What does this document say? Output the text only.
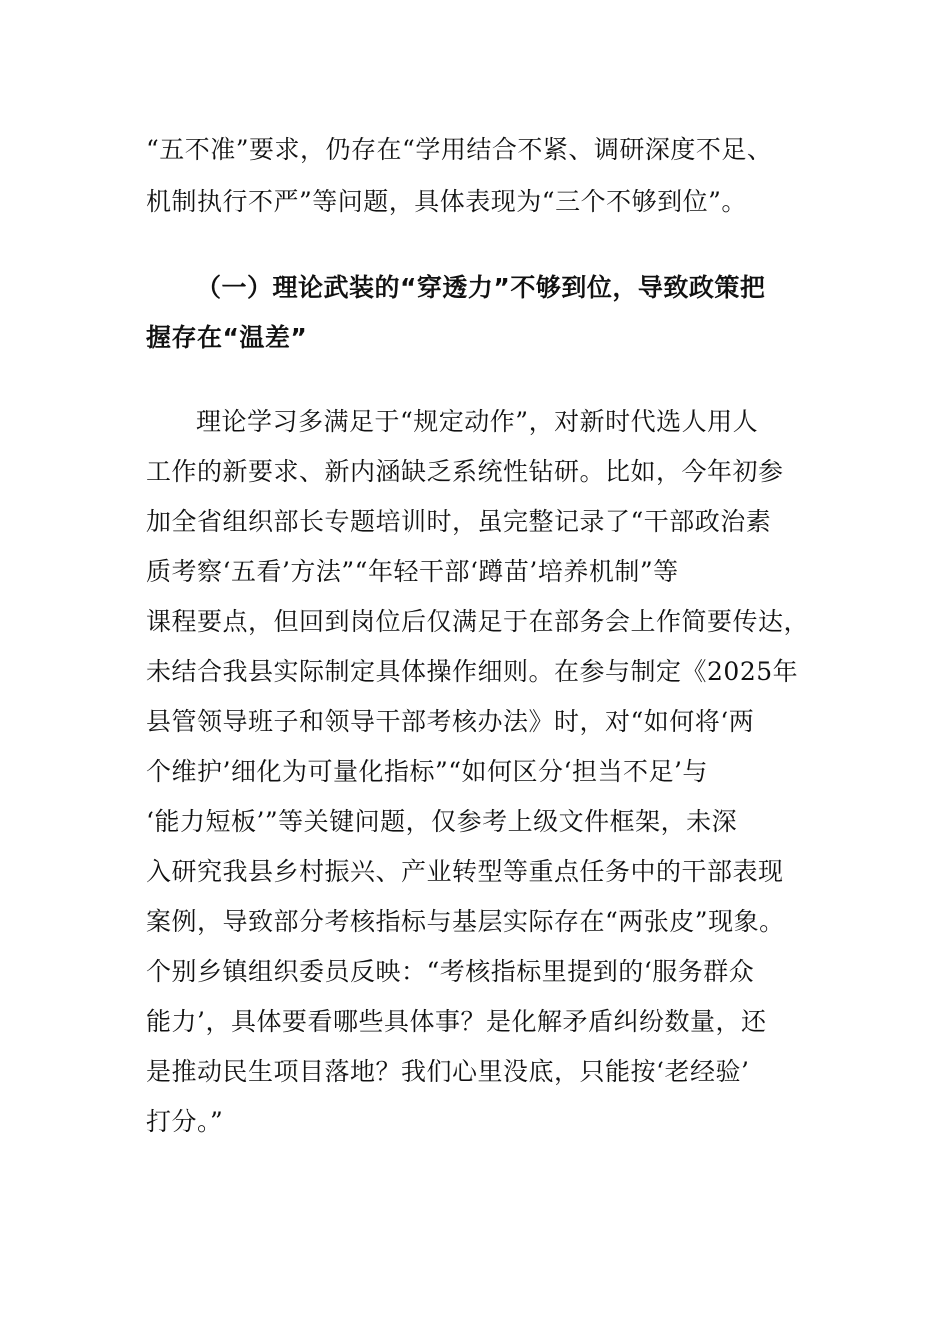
“五不准”要求，仍存在“学用结合不紧、调研深度不足、
机制执行不严”等问题，具体表现为“三个不够到位”。
（一）理论武装的“穿透力”不够到位，导致政策把
握存在“温差”
理论学习多满足于“规定动作”，对新时代选人用人
工作的新要求、新内涵缺乏系统性钻研。比如，今年初参
加全省组织部长专题培训时，虽完整记录了“干部政治素
质考察‘五看’方法”“年轻干部‘蹲苗’培养机制”等
课程要点，但回到岗位后仅满足于在部务会上作简要传达，
未结合我县实际制定具体操作细则。在参与制定《2025年
县管领导班子和领导干部考核办法》时，对“如何将‘两
个维护’细化为可量化指标”“如何区分‘担当不足’与
‘能力短板’”等关键问题，仅参考上级文件框架，未深
入研究我县乡村振兴、产业转型等重点任务中的干部表现
案例，导致部分考核指标与基层实际存在“两张皮”现象。
个别乡镇组织委员反映：“考核指标里提到的‘服务群众
能力’，具体要看哪些具体事？是化解矛盾纠纷数量，还
是推动民生项目落地？我们心里没底，只能按‘老经验’
打分。”
